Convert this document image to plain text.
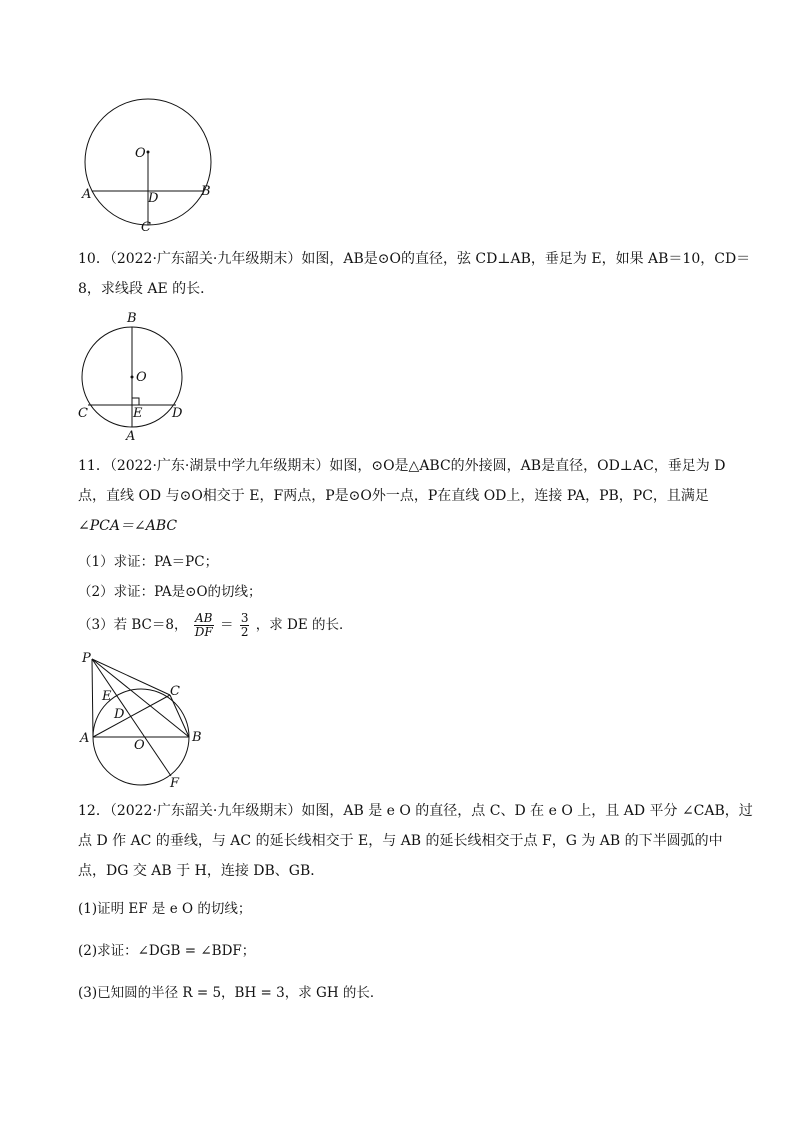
O
A	B
D
C
10．（2022·广东韶关·九年级期末）如图，AB是⊙O的直径，弦 CD⊥AB，垂足为 E，如果 AB＝10，CD＝
8，求线段 AE 的长．
B
O
C	E D
A
11．（2022·广东·湖景中学九年级期末）如图，⊙O是△ABC的外接圆，AB是直径，OD⊥AC，垂足为 D
点，直线 OD 与⊙O相交于 E，F两点，P是⊙O外一点，P在直线 OD上，连接 PA，PB，PC，且满足
∠PCA＝∠ABC
（1）求证：PA＝PC；
（2）求证：PA是⊙O的切线；
（3）若 BC＝8， $\frac{AB}{DF} = \frac{3}{2}$ ，求 DE 的长．
P
E	C
D
A	O
B
F
12．（2022·广东韶关·九年级期末）如图，AB 是 e O 的直径，点 C、D 在 e O 上，且 AD 平分 ∠CAB，过
点 D 作 AC 的垂线，与 AC 的延长线相交于 E，与 AB 的延长线相交于点 F，G 为 AB 的下半圆弧的中
点，DG 交 AB 于 H，连接 DB、GB．
(1)证明 EF 是 e O 的切线；
(2)求证：∠DGB = ∠BDF；
(3)已知圆的半径 R = 5，BH = 3，求 GH 的长．
